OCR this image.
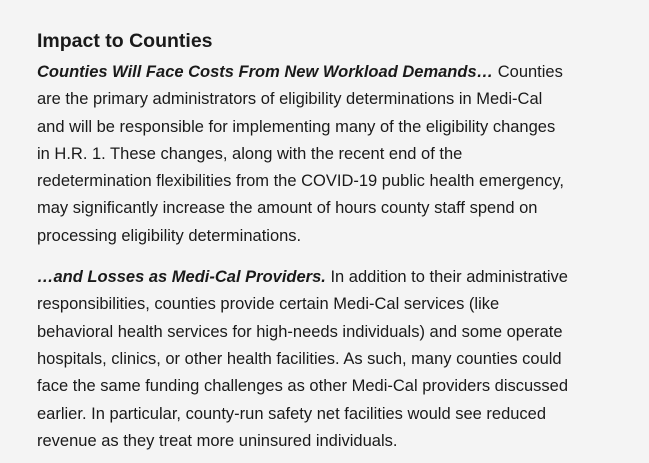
Impact to Counties

Counties Will Face Costs From New Workload Demands… Counties
are the primary administrators of eligibility determinations in Medi-Cal
and will be responsible for implementing many of the eligibility changes
in H.R. 1. These changes, along with the recent end of the
redetermination flexibilities from the COVID-19 public health emergency,
may significantly increase the amount of hours county staff spend on
processing eligibility determinations.

…and Losses as Medi-Cal Providers. In addition to their administrative
responsibilities, counties provide certain Medi-Cal services (like
behavioral health services for high-needs individuals) and some operate
hospitals, clinics, or other health facilities. As such, many counties could
face the same funding challenges as other Medi-Cal providers discussed
earlier. In particular, county-run safety net facilities would see reduced
revenue as they treat more uninsured individuals.
